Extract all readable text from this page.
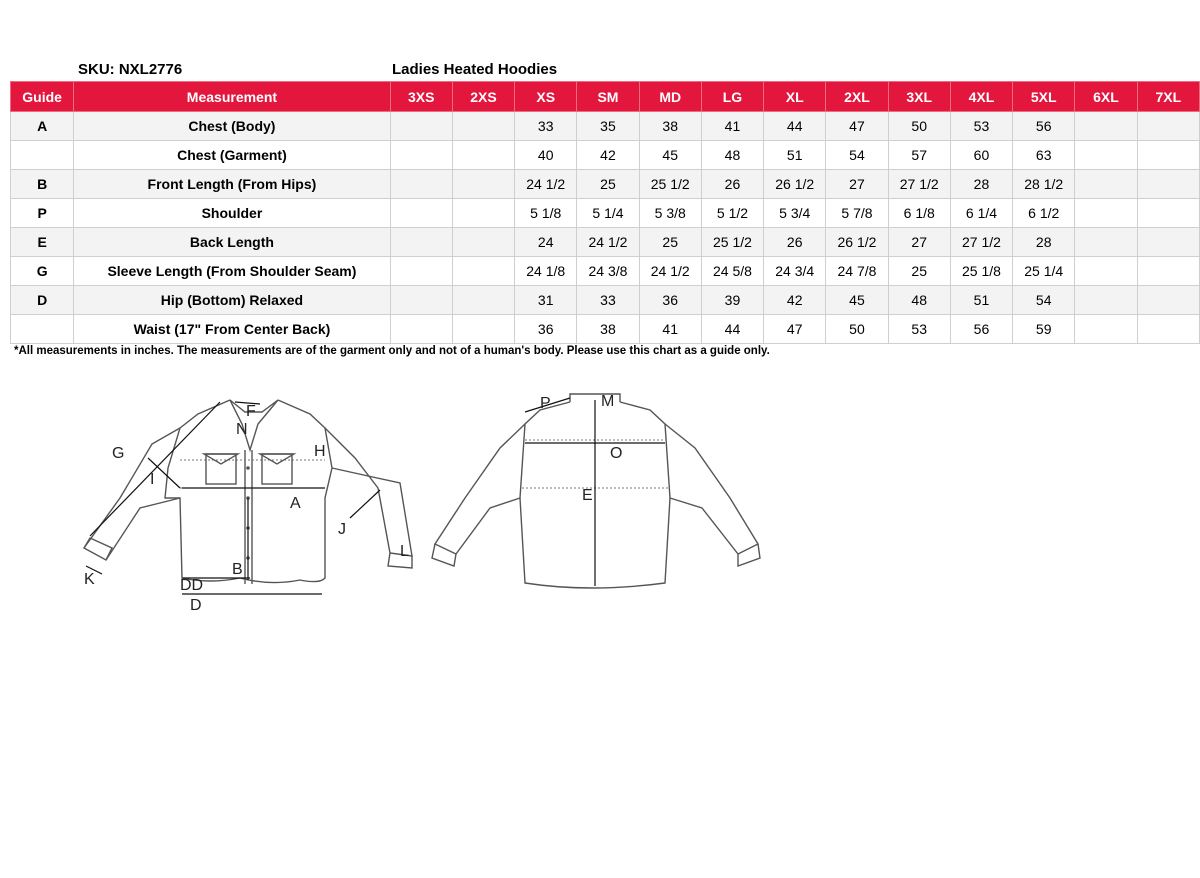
SKU: NXL2776	Ladies Heated Hoodies
Guide	Measurement	3XS	2XS	XS	SM	MD	LG	XL	2XL	3XL	4XL	5XL	6XL	7XL
A	Chest (Body)			33	35	38	41	44	47	50	53	56		
	Chest (Garment)			40	42	45	48	51	54	57	60	63		
B	Front Length (From Hips)			24 1/2	25	25 1/2	26	26 1/2	27	27 1/2	28	28 1/2		
P	Shoulder			5 1/8	5 1/4	5 3/8	5 1/2	5 3/4	5 7/8	6 1/8	6 1/4	6 1/2		
E	Back Length			24	24 1/2	25	25 1/2	26	26 1/2	27	27 1/2	28		
G	Sleeve Length (From Shoulder Seam)			24 1/8	24 3/8	24 1/2	24 5/8	24 3/4	24 7/8	25	25 1/8	25 1/4		
D	Hip (Bottom) Relaxed			31	33	36	39	42	45	48	51	54		
	Waist (17" From Center Back)			36	38	41	44	47	50	53	56	59		
*All measurements in inches. The measurements are of the garment only and not of a human's body. Please use this chart as a guide only.
F
N
G	H
I
A
J
K
B
DD
D
L
P	M
O
E
